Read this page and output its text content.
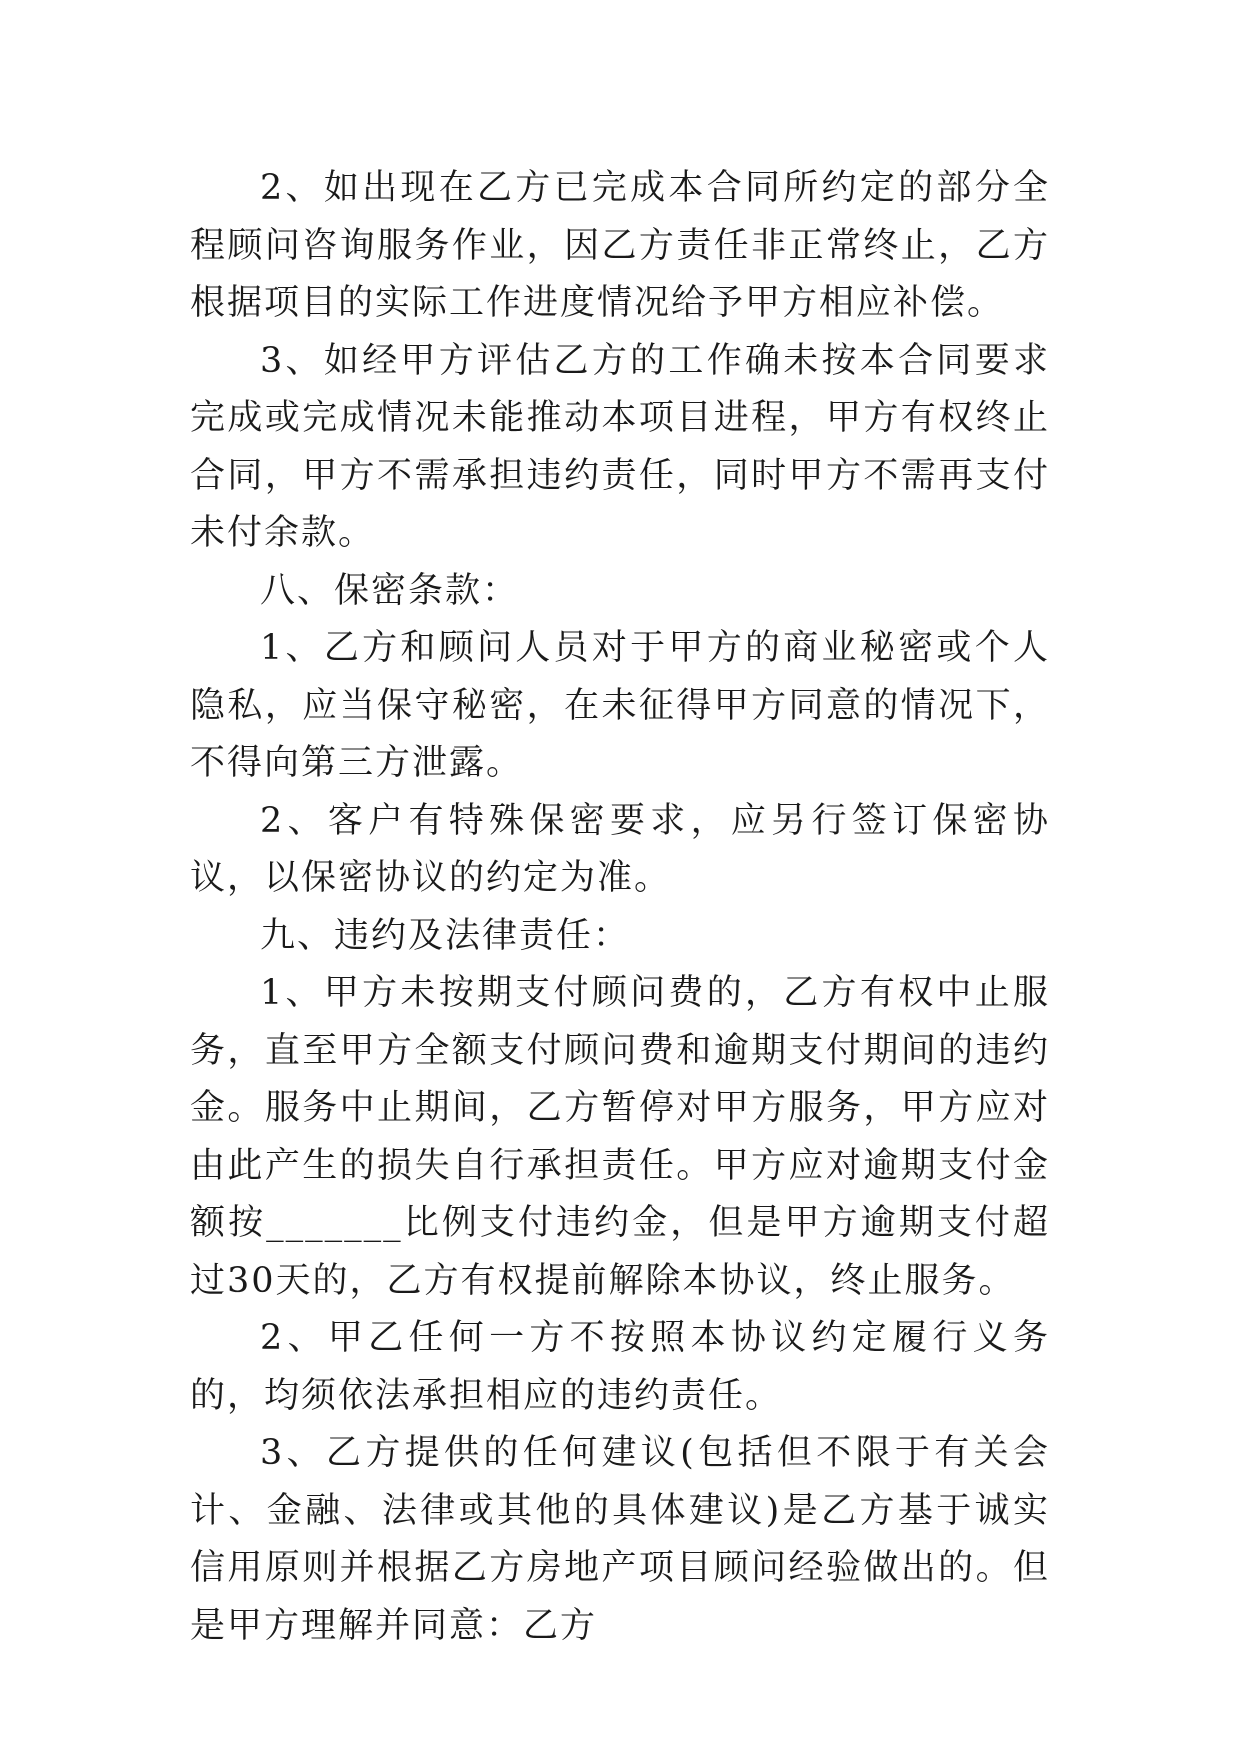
2、如出现在乙方已完成本合同所约定的部分全程顾问咨询服务作业，因乙方责任非正常终止，乙方根据项目的实际工作进度情况给予甲方相应补偿。

3、如经甲方评估乙方的工作确未按本合同要求完成或完成情况未能推动本项目进程，甲方有权终止合同，甲方不需承担违约责任，同时甲方不需再支付未付余款。

八、保密条款：

1、乙方和顾问人员对于甲方的商业秘密或个人隐私，应当保守秘密，在未征得甲方同意的情况下，不得向第三方泄露。

2、客户有特殊保密要求，应另行签订保密协议，以保密协议的约定为准。

九、违约及法律责任：

1、甲方未按期支付顾问费的，乙方有权中止服务，直至甲方全额支付顾问费和逾期支付期间的违约金。服务中止期间，乙方暂停对甲方服务，甲方应对由此产生的损失自行承担责任。甲方应对逾期支付金额按_______比例支付违约金，但是甲方逾期支付超过30天的，乙方有权提前解除本协议，终止服务。

2、甲乙任何一方不按照本协议约定履行义务的，均须依法承担相应的违约责任。

3、乙方提供的任何建议(包括但不限于有关会计、金融、法律或其他的具体建议)是乙方基于诚实信用原则并根据乙方房地产项目顾问经验做出的。但是甲方理解并同意：乙方
